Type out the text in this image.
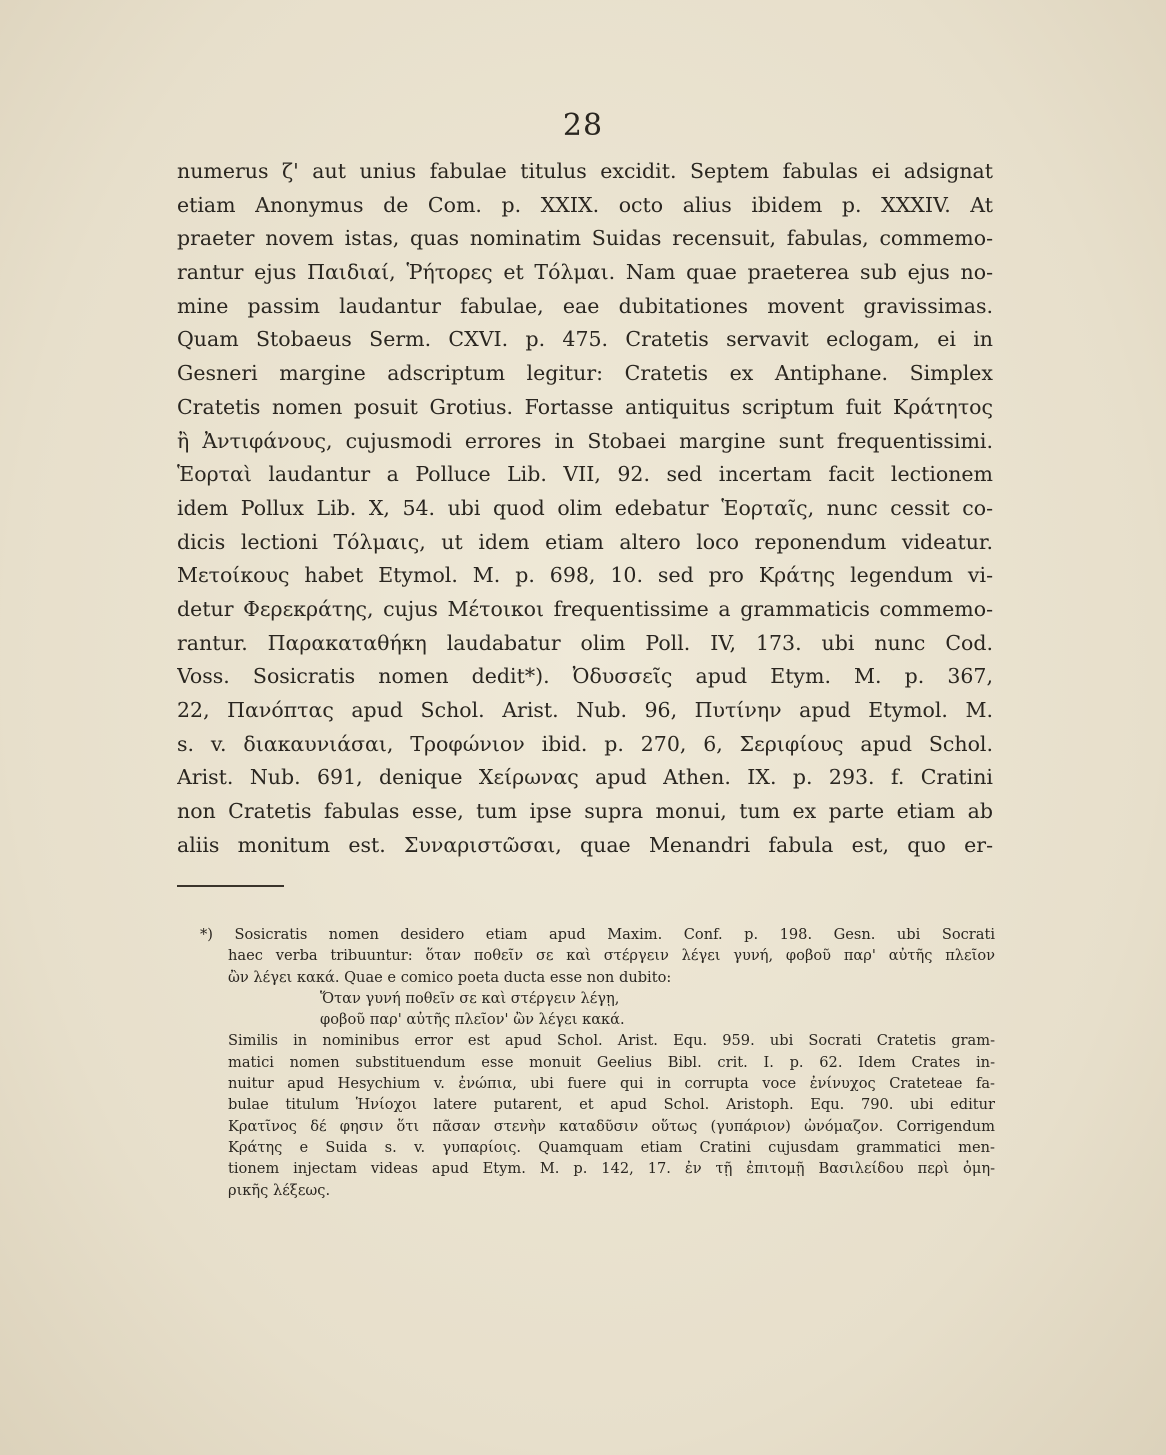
28
numerus ζ' aut unius fabulae titulus excidit. Septem fabulas ei adsignat
etiam Anonymus de Com. p. XXIX. octo alius ibidem p. XXXIV. At
praeter novem istas, quas nominatim Suidas recensuit, fabulas, commemo-
rantur ejus Παιδιαί, Ῥήτορες et Τόλμαι. Nam quae praeterea sub ejus no-
mine passim laudantur fabulae, eae dubitationes movent gravissimas.
Quam Stobaeus Serm. CXVI. p. 475. Cratetis servavit eclogam, ei in
Gesneri margine adscriptum legitur: Cratetis ex Antiphane. Simplex
Cratetis nomen posuit Grotius. Fortasse antiquitus scriptum fuit Κράτητος
ἢ Ἀντιφάνους, cujusmodi errores in Stobaei margine sunt frequentissimi.
Ἑορταὶ laudantur a Polluce Lib. VII, 92. sed incertam facit lectionem
idem Pollux Lib. X, 54. ubi quod olim edebatur Ἑορταῖς, nunc cessit co-
dicis lectioni Τόλμαις, ut idem etiam altero loco reponendum videatur.
Μετοίκους habet Etymol. M. p. 698, 10. sed pro Κράτης legendum vi-
detur Φερεκράτης, cujus Μέτοικοι frequentissime a grammaticis commemo-
rantur. Παρακαταθήκη laudabatur olim Poll. IV, 173. ubi nunc Cod.
Voss. Sosicratis nomen dedit*). Ὀδυσσεῖς apud Etym. M. p. 367,
22, Πανόπτας apud Schol. Arist. Nub. 96, Πυτίνην apud Etymol. M.
s. v. διακαυνιάσαι, Τροφώνιον ibid. p. 270, 6, Σεριφίους apud Schol.
Arist. Nub. 691, denique Χείρωνας apud Athen. IX. p. 293. f. Cratini
non Cratetis fabulas esse, tum ipse supra monui, tum ex parte etiam ab
aliis monitum est. Συναριστῶσαι, quae Menandri fabula est, quo er-
*) Sosicratis nomen desidero etiam apud Maxim. Conf. p. 198. Gesn. ubi Socrati
haec verba tribuuntur: ὅταν ποθεῖν σε καὶ στέργειν λέγει γυνή, φοβοῦ παρ' αὐτῆς πλεῖον
ὢν λέγει κακά. Quae e comico poeta ducta esse non dubito:
Ὅταν γυνή ποθεῖν σε καὶ στέργειν λέγῃ,
φοβοῦ παρ' αὐτῆς πλεῖον' ὢν λέγει κακά.
Similis in nominibus error est apud Schol. Arist. Equ. 959. ubi Socrati Cratetis gram-
matici nomen substituendum esse monuit Geelius Bibl. crit. I. p. 62. Idem Crates in-
nuitur apud Hesychium v. ἐνώπια, ubi fuere qui in corrupta voce ἐνίνυχος Crateteae fa-
bulae titulum Ἡνίοχοι latere putarent, et apud Schol. Aristoph. Equ. 790. ubi editur
Κρατῖνος δέ φησιν ὅτι πᾶσαν στενὴν καταδῦσιν οὕτως (γυπάριον) ὠνόμαζον. Corrigendum
Κράτης e Suida s. v. γυπαρίοις. Quamquam etiam Cratini cujusdam grammatici men-
tionem injectam videas apud Etym. M. p. 142, 17. ἐν τῇ ἐπιτομῇ Βασιλείδου περὶ ὀμη-
ρικῆς λέξεως.
